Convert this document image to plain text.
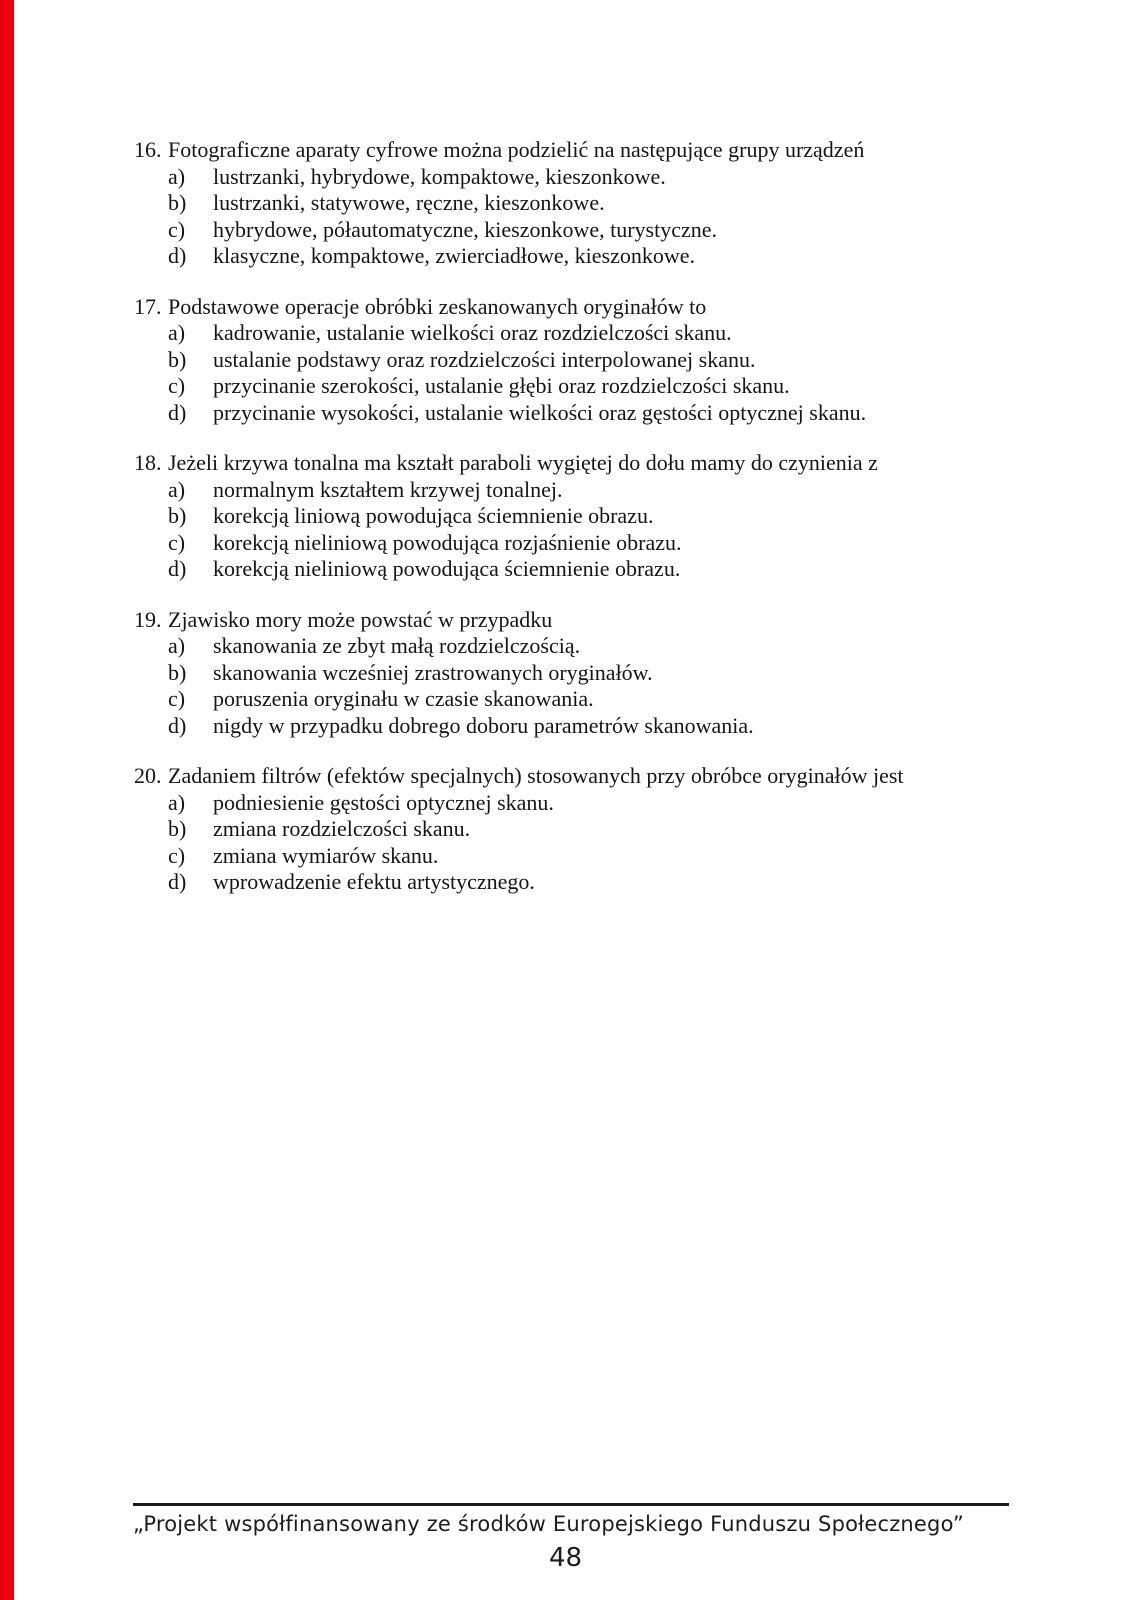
16. Fotograficzne aparaty cyfrowe można podzielić na następujące grupy urządzeń
a)	lustrzanki, hybrydowe, kompaktowe, kieszonkowe.
b)	lustrzanki, statywowe, ręczne, kieszonkowe.
c)	hybrydowe, półautomatyczne, kieszonkowe, turystyczne.
d)	klasyczne, kompaktowe, zwierciadłowe, kieszonkowe.
17. Podstawowe operacje obróbki zeskanowanych oryginałów to
a)	kadrowanie, ustalanie wielkości oraz rozdzielczości skanu.
b)	ustalanie podstawy oraz rozdzielczości interpolowanej skanu.
c)	przycinanie szerokości, ustalanie głębi oraz rozdzielczości skanu.
d)	przycinanie wysokości, ustalanie wielkości oraz gęstości optycznej skanu.
18. Jeżeli krzywa tonalna ma kształt paraboli wygiętej do dołu mamy do czynienia z
a)	normalnym kształtem krzywej tonalnej.
b)	korekcją liniową powodująca ściemnienie obrazu.
c)	korekcją nieliniową powodująca rozjaśnienie obrazu.
d)	korekcją nieliniową powodująca ściemnienie obrazu.
19. Zjawisko mory może powstać w przypadku
a)	skanowania ze zbyt małą rozdzielczością.
b)	skanowania wcześniej zrastrowanych oryginałów.
c)	poruszenia oryginału w czasie skanowania.
d)	nigdy w przypadku dobrego doboru parametrów skanowania.
20. Zadaniem filtrów (efektów specjalnych) stosowanych przy obróbce oryginałów jest
a)	podniesienie gęstości optycznej skanu.
b)	zmiana rozdzielczości skanu.
c)	zmiana wymiarów skanu.
d)	wprowadzenie efektu artystycznego.
„Projekt współfinansowany ze środków Europejskiego Funduszu Społecznego”
48
